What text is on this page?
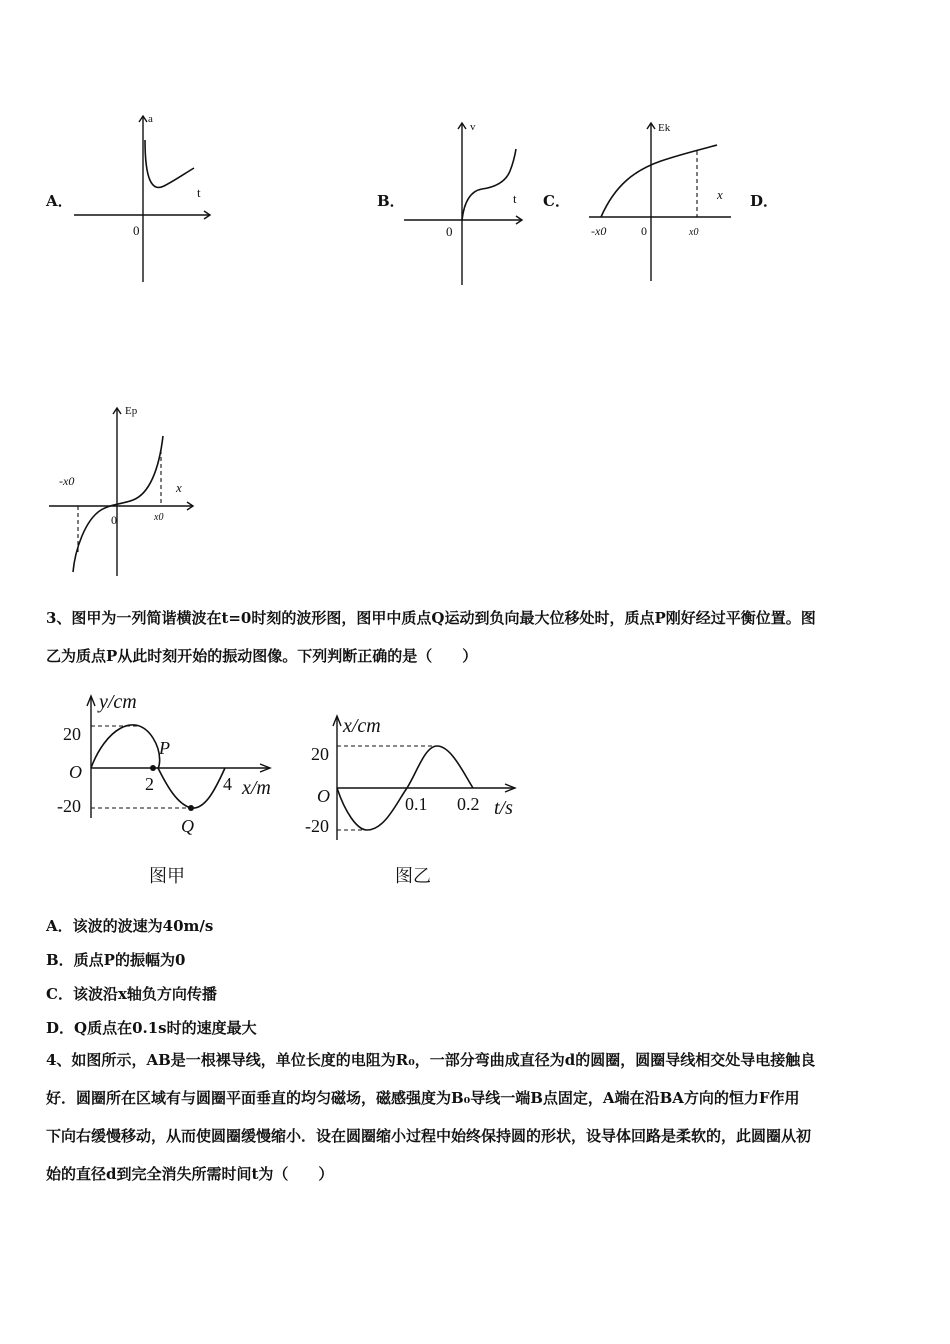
A．	B．	C．	D．
a
t
0
v
t
0
Ek
x
-x0	0	x0
Ep
x
-x0
0	x0
3、图甲为一列简谐横波在t=0时刻的波形图，图甲中质点Q运动到负向最大位移处时，质点P刚好经过平衡位置。图
乙为质点P从此时刻开始的振动图像。下列判断正确的是（　　）
y/cm
x/m
20
-20
O
2	4
P
Q
图甲
x/cm
t/s
20
-20
O	0.1 0.2
图乙
A．该波的波速为40m/s
B．质点P的振幅为0
C．该波沿x轴负方向传播
D．Q质点在0.1s时的速度最大
4、如图所示，AB是一根裸导线，单位长度的电阻为R₀，一部分弯曲成直径为d的圆圈，圆圈导线相交处导电接触良
好．圆圈所在区域有与圆圈平面垂直的均匀磁场，磁感强度为B₀导线一端B点固定，A端在沿BA方向的恒力F作用
下向右缓慢移动，从而使圆圈缓慢缩小．设在圆圈缩小过程中始终保持圆的形状，设导体回路是柔软的，此圆圈从初
始的直径d到完全消失所需时间t为（　　）
